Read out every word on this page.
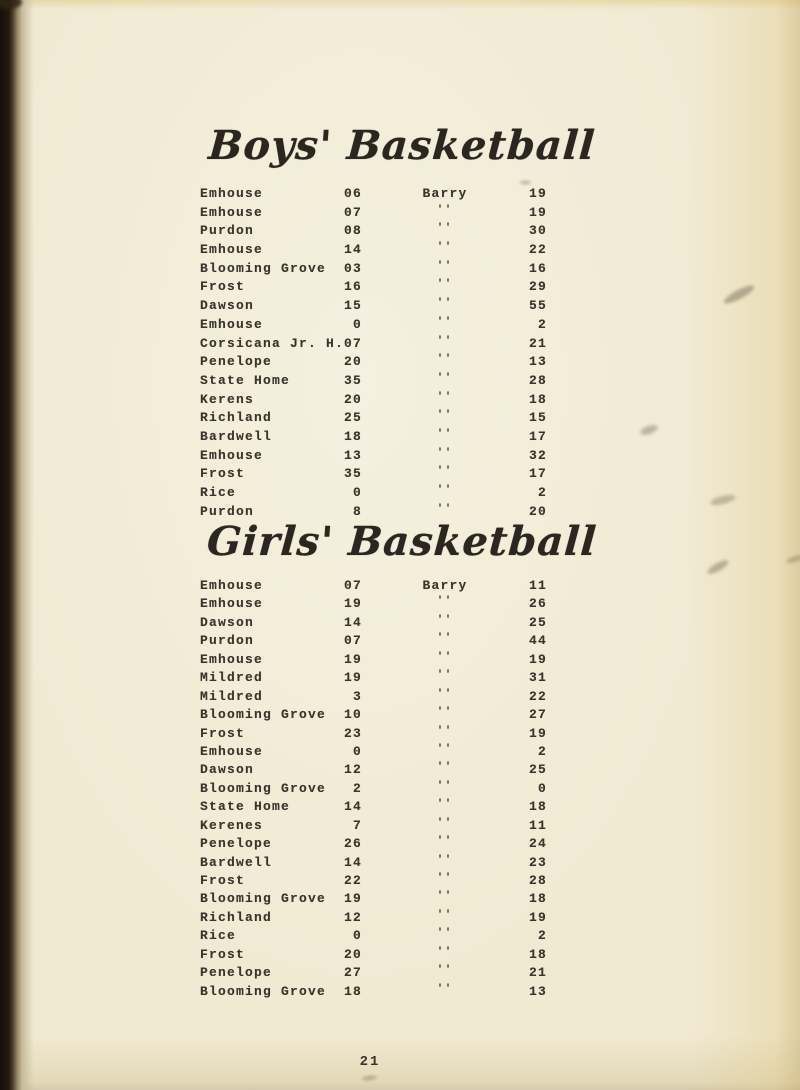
Boys' Basketball
Emhouse	06	Barry	19
Emhouse	07	''	19
Purdon	08	''	30
Emhouse	14	''	22
Blooming Grove	03	''	16
Frost	16	''	29
Dawson	15	''	55
Emhouse	0	''	2
Corsicana Jr. H. 07	''	21
Penelope	20	''	13
State Home	35	''	28
Kerens	20	''	18
Richland	25	''	15
Bardwell	18	''	17
Emhouse	13	''	32
Frost	35	''	17
Rice	0	''	2
Purdon	8	''	20
Girls' Basketball
Emhouse	07	Barry	11
Emhouse	19	''	26
Dawson	14	''	25
Purdon	07	''	44
Emhouse	19	''	19
Mildred	19	''	31
Mildred	3	''	22
Blooming Grove	10	''	27
Frost	23	''	19
Emhouse	0	''	2
Dawson	12	''	25
Blooming Grove	2	''	0
State Home	14	''	18
Kerenes	7	''	11
Penelope	26	''	24
Bardwell	14	''	23
Frost	22	''	28
Blooming Grove	19	''	18
Richland	12	''	19
Rice	0	''	2
Frost	20	''	18
Penelope	27	''	21
Blooming Grove	18	''	13
21
